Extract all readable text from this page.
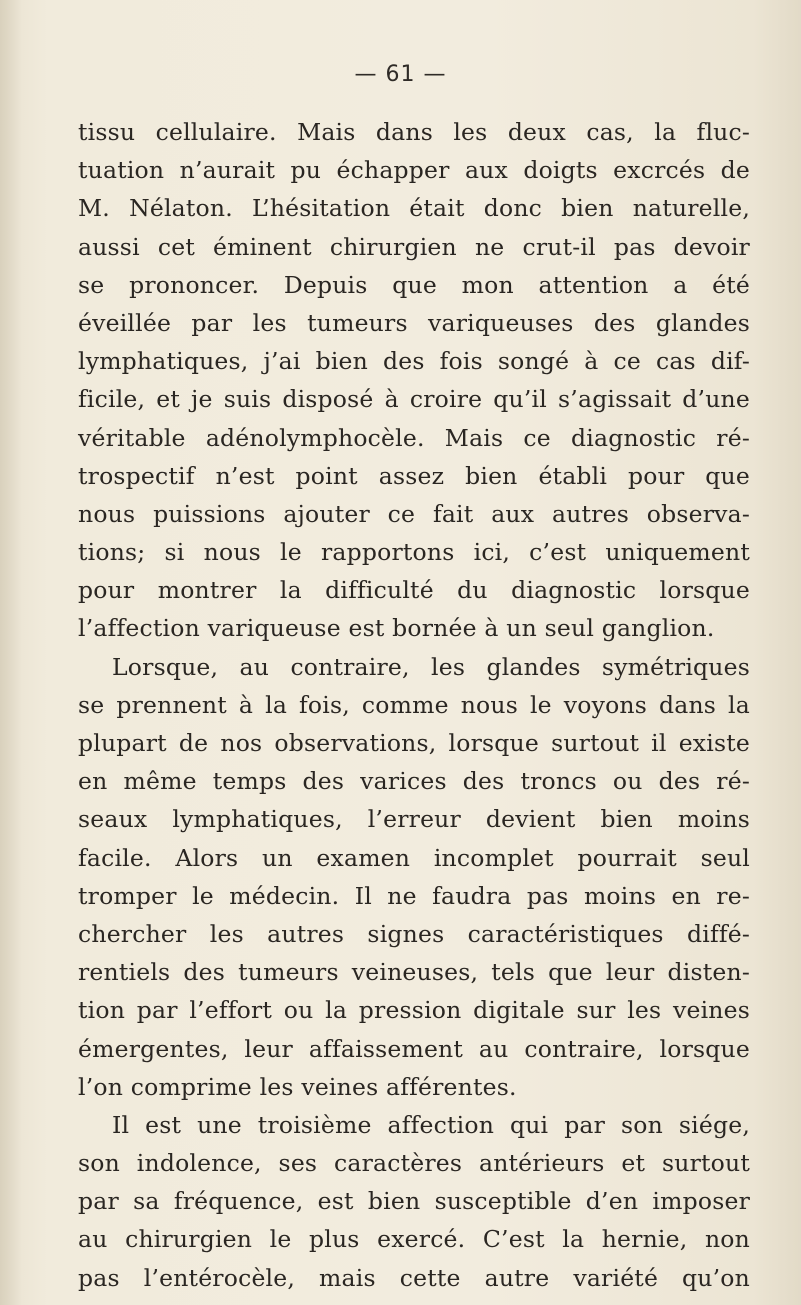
— 61 —
tissu cellulaire. Mais dans les deux cas, la fluc-
tuation n’aurait pu échapper aux doigts excrcés de
M. Nélaton. L’hésitation était donc bien naturelle,
aussi cet éminent chirurgien ne crut-il pas devoir
se prononcer. Depuis que mon attention a été
éveillée par les tumeurs variqueuses des glandes
lymphatiques, j’ai bien des fois songé à ce cas dif-
ficile, et je suis disposé à croire qu’il s’agissait d’une
véritable adénolymphocèle. Mais ce diagnostic ré-
trospectif n’est point assez bien établi pour que
nous puissions ajouter ce fait aux autres observa-
tions; si nous le rapportons ici, c’est uniquement
pour montrer la difficulté du diagnostic lorsque
l’affection variqueuse est bornée à un seul ganglion.
Lorsque, au contraire, les glandes symétriques
se prennent à la fois, comme nous le voyons dans la
plupart de nos observations, lorsque surtout il existe
en même temps des varices des troncs ou des ré-
seaux lymphatiques, l’erreur devient bien moins
facile. Alors un examen incomplet pourrait seul
tromper le médecin. Il ne faudra pas moins en re-
chercher les autres signes caractéristiques diffé-
rentiels des tumeurs veineuses, tels que leur disten-
tion par l’effort ou la pression digitale sur les veines
émergentes, leur affaissement au contraire, lorsque
l’on comprime les veines afférentes.
Il est une troisième affection qui par son siége,
son indolence, ses caractères antérieurs et surtout
par sa fréquence, est bien susceptible d’en imposer
au chirurgien le plus exercé. C’est la hernie, non
pas l’entérocèle, mais cette autre variété qu’on
